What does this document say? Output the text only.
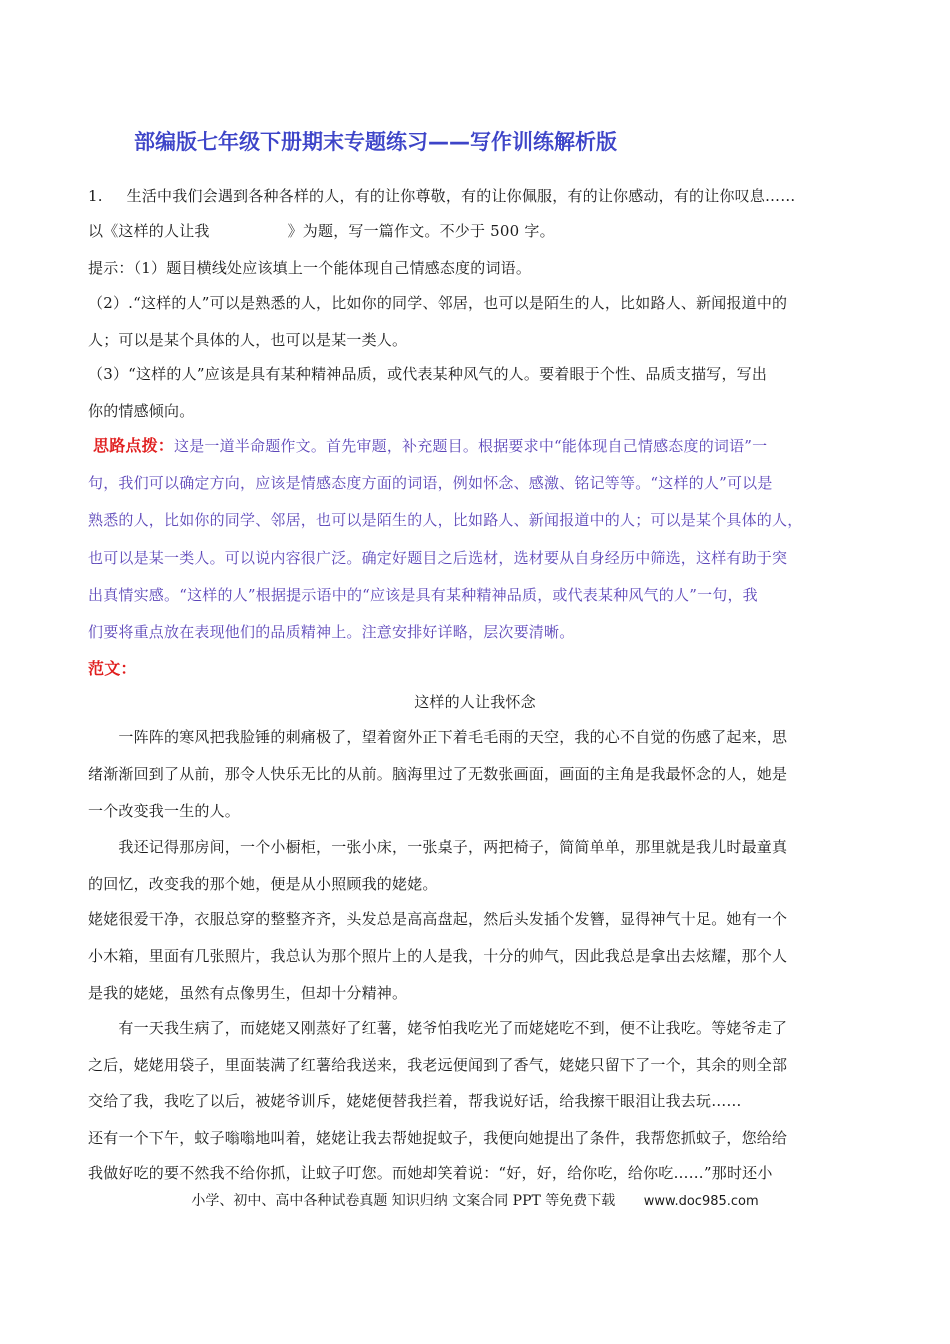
部编版七年级下册期末专题练习——写作训练解析版
1. 生活中我们会遇到各种各样的人，有的让你尊敬，有的让你佩服，有的让你感动，有的让你叹息……
以《这样的人让我	》为题，写一篇作文。不少于 500 字。
提示：（1）题目横线处应该填上一个能体现自己情感态度的词语。
（2）.“这样的人”可以是熟悉的人，比如你的同学、邻居，也可以是陌生的人，比如路人、新闻报道中的
人；可以是某个具体的人，也可以是某一类人。
（3）“这样的人”应该是具有某种精神品质，或代表某种风气的人。要着眼于个性、品质支描写，写出
你的情感倾向。
思路点拨：这是一道半命题作文。首先审题，补充题目。根据要求中“能体现自己情感态度的词语”一
句，我们可以确定方向，应该是情感态度方面的词语，例如怀念、感激、铭记等等。“这样的人”可以是
熟悉的人，比如你的同学、邻居，也可以是陌生的人，比如路人、新闻报道中的人；可以是某个具体的人，
也可以是某一类人。可以说内容很广泛。确定好题目之后选材，选材要从自身经历中筛选，这样有助于突
出真情实感。“这样的人”根据提示语中的“应该是具有某种精神品质，或代表某种风气的人”一句，我
们要将重点放在表现他们的品质精神上。注意安排好详略，层次要清晰。
范文：
这样的人让我怀念
　　一阵阵的寒风把我脸锤的刺痛极了，望着窗外正下着毛毛雨的天空，我的心不自觉的伤感了起来，思
绪渐渐回到了从前，那令人快乐无比的从前。脑海里过了无数张画面，画面的主角是我最怀念的人，她是
一个改变我一生的人。
　　我还记得那房间，一个小橱柜，一张小床，一张桌子，两把椅子，简简单单，那里就是我儿时最童真
的回忆，改变我的那个她，便是从小照顾我的姥姥。
姥姥很爱干净，衣服总穿的整整齐齐，头发总是高高盘起，然后头发插个发簪，显得神气十足。她有一个
小木箱，里面有几张照片，我总认为那个照片上的人是我，十分的帅气，因此我总是拿出去炫耀，那个人
是我的姥姥，虽然有点像男生，但却十分精神。
　　有一天我生病了，而姥姥又刚蒸好了红薯，姥爷怕我吃光了而姥姥吃不到，便不让我吃。等姥爷走了
之后，姥姥用袋子，里面装满了红薯给我送来，我老远便闻到了香气，姥姥只留下了一个，其余的则全部
交给了我，我吃了以后，被姥爷训斥，姥姥便替我拦着，帮我说好话，给我擦干眼泪让我去玩……
还有一个下午，蚊子嗡嗡地叫着，姥姥让我去帮她捉蚊子，我便向她提出了条件，我帮您抓蚊子，您给给
我做好吃的要不然我不给你抓，让蚊子叮您。而她却笑着说：“好，好，给你吃，给你吃……”那时还小
小学、初中、高中各种试卷真题 知识归纳 文案合同 PPT 等免费下载 www.doc985.com
